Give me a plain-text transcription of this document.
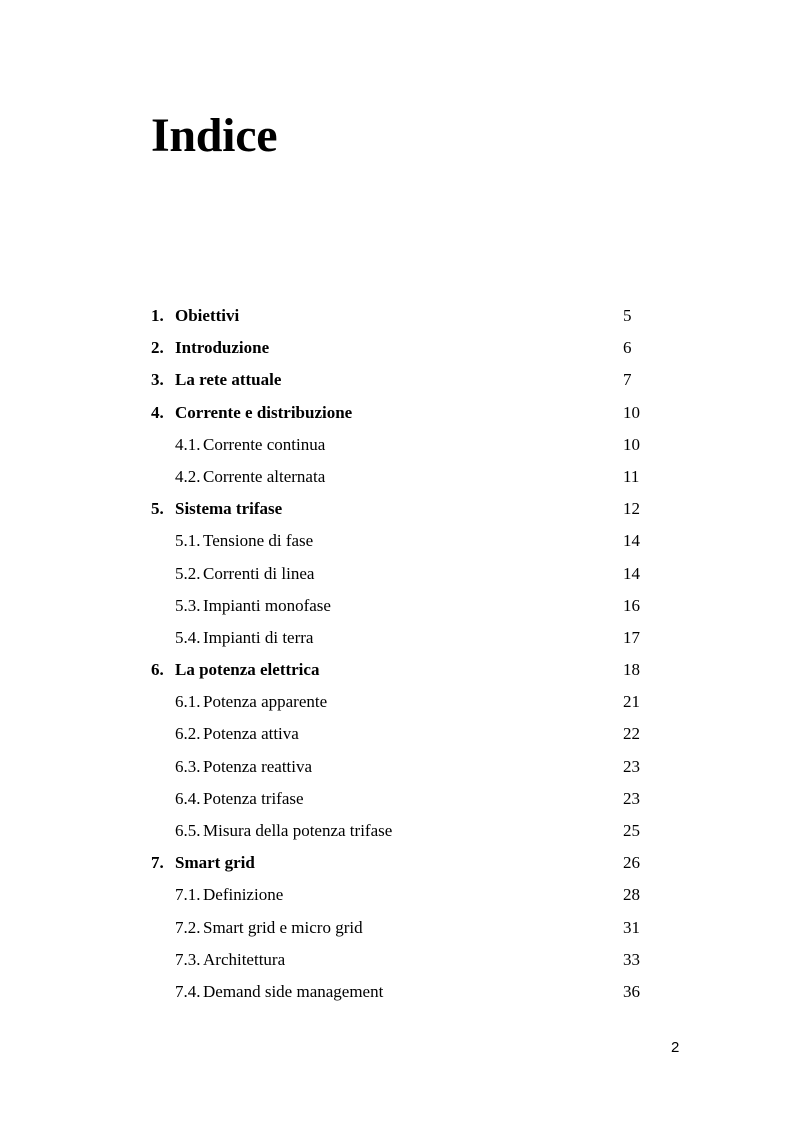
Indice
1. Obiettivi	5
2. Introduzione	6
3. La rete attuale	7
4. Corrente e distribuzione	10
4.1. Corrente continua	10
4.2. Corrente alternata	11
5. Sistema trifase	12
5.1. Tensione di fase	14
5.2. Correnti di linea	14
5.3. Impianti monofase	16
5.4. Impianti di terra	17
6. La potenza elettrica	18
6.1. Potenza apparente	21
6.2. Potenza attiva	22
6.3. Potenza reattiva	23
6.4. Potenza trifase	23
6.5. Misura della potenza trifase	25
7. Smart grid	26
7.1. Definizione	28
7.2. Smart grid e micro grid	31
7.3. Architettura	33
7.4. Demand side management	36
2
